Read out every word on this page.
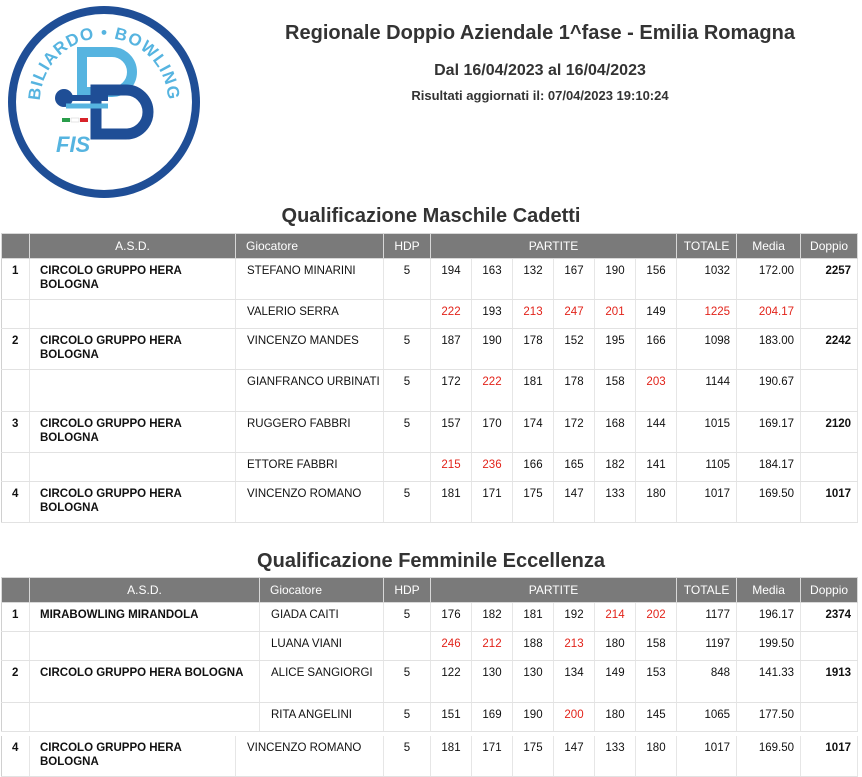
BILIARDO • BOWLING
FIS
Regionale Doppio Aziendale 1^fase - Emilia Romagna
Dal 16/04/2023 al 16/04/2023
Risultati aggiornati il: 07/04/2023 19:10:24
Qualificazione Maschile Cadetti
	A.S.D.	Giocatore	HDP	PARTITE						TOTALE	Media	Doppio
1	CIRCOLO GRUPPO HERA BOLOGNA	STEFANO MINARINI	5	194	163	132	167	190	156	1032	172.00	2257
		VALERIO SERRA		222	193	213	247	201	149	1225	204.17	
2	CIRCOLO GRUPPO HERA BOLOGNA	VINCENZO MANDES	5	187	190	178	152	195	166	1098	183.00	2242
		GIANFRANCO URBINATI	5	172	222	181	178	158	203	1144	190.67	
3	CIRCOLO GRUPPO HERA BOLOGNA	RUGGERO FABBRI	5	157	170	174	172	168	144	1015	169.17	2120
		ETTORE FABBRI		215	236	166	165	182	141	1105	184.17	
4	CIRCOLO GRUPPO HERA BOLOGNA	VINCENZO ROMANO	5	181	171	175	147	133	180	1017	169.50	1017
Qualificazione Femminile Eccellenza
	A.S.D.	Giocatore	HDP	PARTITE						TOTALE	Media	Doppio
1	MIRABOWLING MIRANDOLA	GIADA CAITI	5	176	182	181	192	214	202	1177	196.17	2374
		LUANA VIANI		246	212	188	213	180	158	1197	199.50	
2	CIRCOLO GRUPPO HERA BOLOGNA	ALICE SANGIORGI	5	122	130	130	134	149	153	848	141.33	1913
		RITA ANGELINI	5	151	169	190	200	180	145	1065	177.50	
4	CIRCOLO GRUPPO HERA BOLOGNA	VINCENZO ROMANO	5	181	171	175	147	133	180	1017	169.50	1017
